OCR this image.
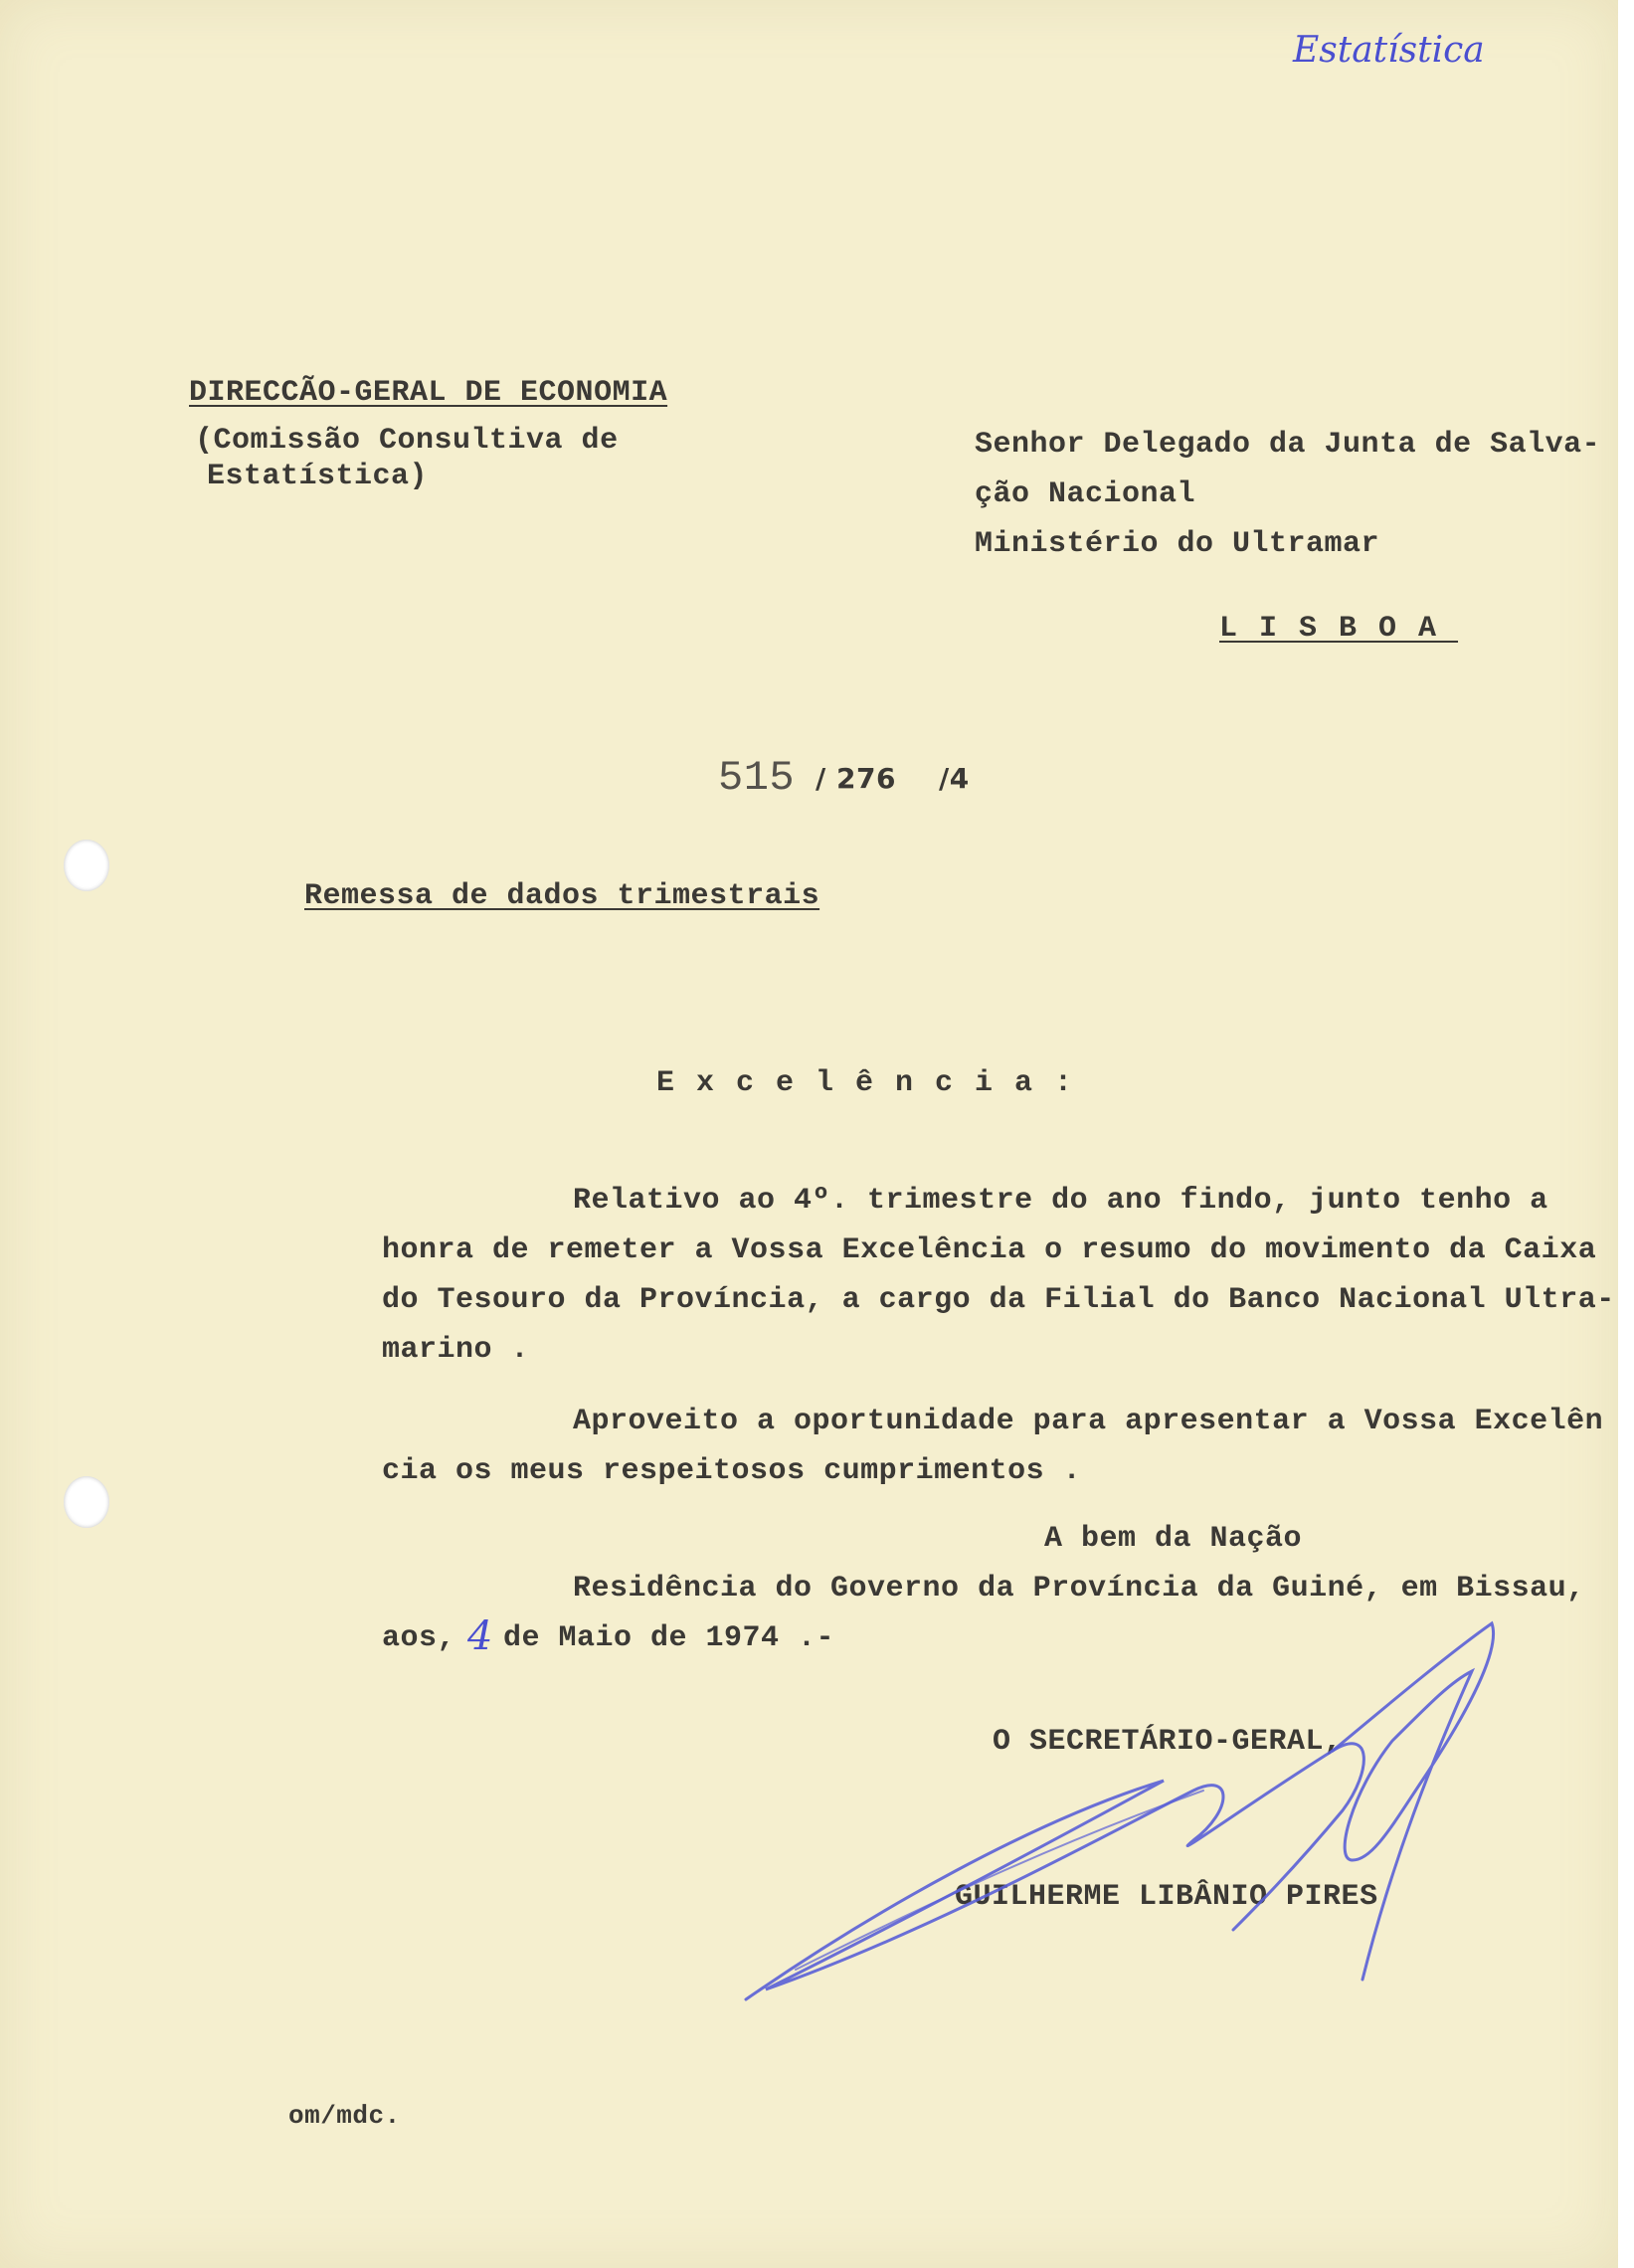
Estatística
DIRECCÃO-GERAL DE ECONOMIA
(Comissão Consultiva de
Estatística)
Senhor Delegado da Junta de Salva-
ção Nacional
Ministério do Ultramar
LISBOA
515 / 276 /4
Remessa de dados trimestrais
Excelência:
Relativo ao 4º. trimestre do ano findo, junto tenho a
honra de remeter a Vossa Excelência o resumo do movimento da Caixa
do Tesouro da Província, a cargo da Filial do Banco Nacional Ultra-
marino .
Aproveito a oportunidade para apresentar a Vossa Excelên
cia os meus respeitosos cumprimentos .
A bem da Nação
Residência do Governo da Província da Guiné, em Bissau,
aos, 4 de Maio de 1974 .-
O SECRETÁRIO-GERAL,
GUILHERME LIBÂNIO PIRES
om/mdc.
